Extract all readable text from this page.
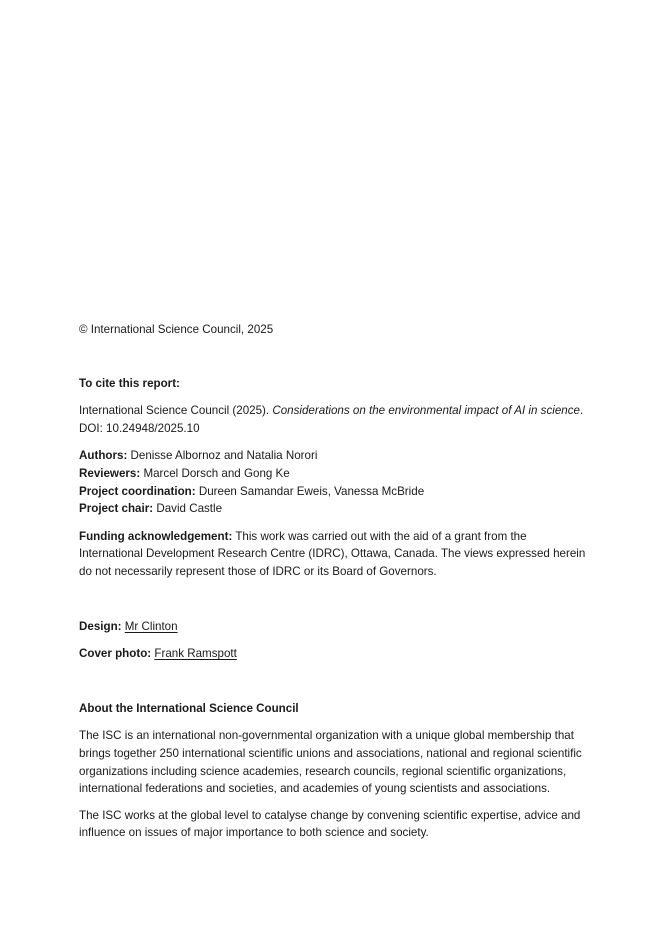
© International Science Council, 2025

To cite this report:

International Science Council (2025). Considerations on the environmental impact of AI in science. DOI: 10.24948/2025.10

Authors: Denisse Albornoz and Natalia Norori

Reviewers: Marcel Dorsch and Gong Ke

Project coordination: Dureen Samandar Eweis, Vanessa McBride

Project chair: David Castle

Funding acknowledgement: This work was carried out with the aid of a grant from the International Development Research Centre (IDRC), Ottawa, Canada. The views expressed herein do not necessarily represent those of IDRC or its Board of Governors.

Design: Mr Clinton

Cover photo: Frank Ramspott

About the International Science Council

The ISC is an international non-governmental organization with a unique global membership that brings together 250 international scientific unions and associations, national and regional scientific organizations including science academies, research councils, regional scientific organizations, international federations and societies, and academies of young scientists and associations.

The ISC works at the global level to catalyse change by convening scientific expertise, advice and influence on issues of major importance to both science and society.
